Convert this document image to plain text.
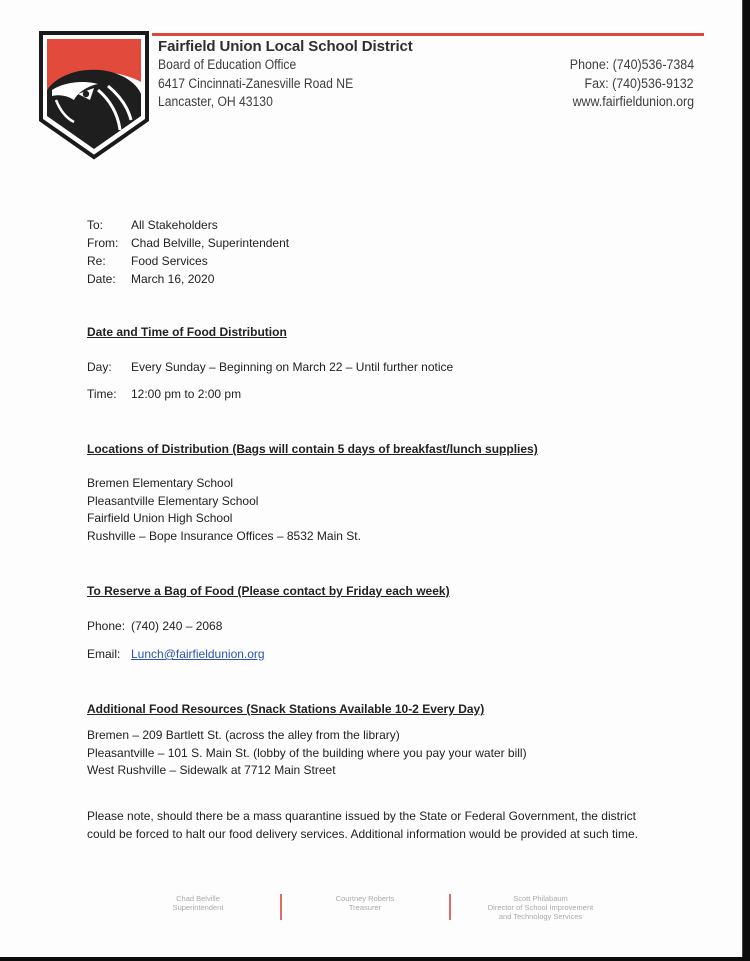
Fairfield Union Local School District
Board of Education Office
6417 Cincinnati-Zanesville Road NE
Lancaster, OH 43130
Phone: (740)536-7384
Fax: (740)536-9132
www.fairfieldunion.org
To:	All Stakeholders
From:	Chad Belville, Superintendent
Re:	Food Services
Date:	March 16, 2020
Date and Time of Food Distribution
Day:	Every Sunday – Beginning on March 22 – Until further notice
Time:	12:00 pm to 2:00 pm
Locations of Distribution (Bags will contain 5 days of breakfast/lunch supplies)
Bremen Elementary School
Pleasantville Elementary School
Fairfield Union High School
Rushville – Bope Insurance Offices – 8532 Main St.
To Reserve a Bag of Food (Please contact by Friday each week)
Phone: (740) 240 – 2068
Email: Lunch@fairfieldunion.org
Additional Food Resources (Snack Stations Available 10-2 Every Day)
Bremen – 209 Bartlett St. (across the alley from the library)
Pleasantville – 101 S. Main St. (lobby of the building where you pay your water bill)
West Rushville – Sidewalk at 7712 Main Street
Please note, should there be a mass quarantine issued by the State or Federal Government, the district could be forced to halt our food delivery services. Additional information would be provided at such time.
Chad Belville
Superintendent
Courtney Roberts
Treasurer
Scott Philabaum
Director of School Improvement and Technology Services
